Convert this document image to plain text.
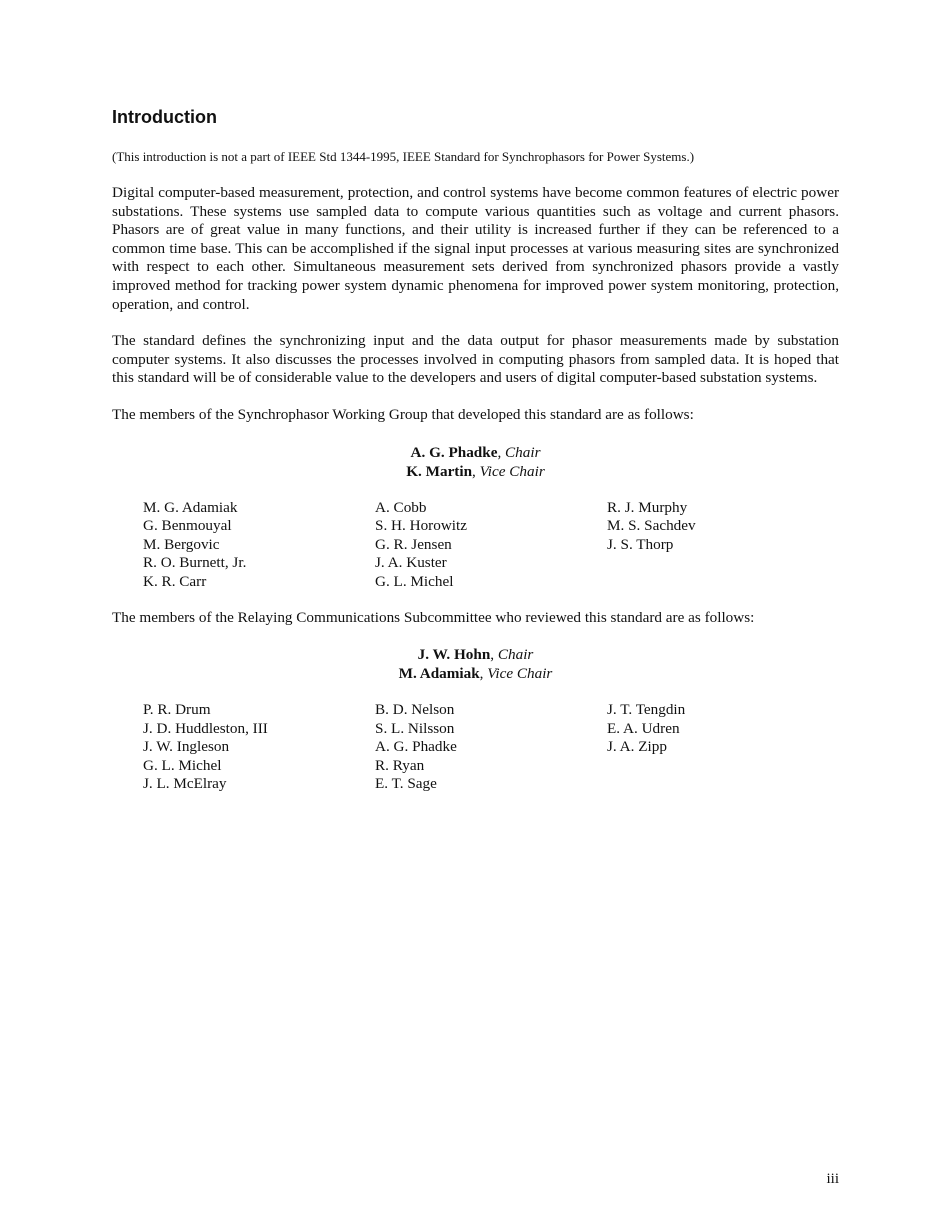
Introduction

(This introduction is not a part of IEEE Std 1344-1995, IEEE Standard for Synchrophasors for Power Systems.)

Digital computer-based measurement, protection, and control systems have become common features of electric power substations. These systems use sampled data to compute various quantities such as voltage and current phasors. Phasors are of great value in many functions, and their utility is increased further if they can be referenced to a common time base. This can be accomplished if the signal input processes at various measuring sites are synchronized with respect to each other. Simultaneous measurement sets derived from synchronized phasors provide a vastly improved method for tracking power system dynamic phenomena for improved power system monitoring, protection, operation, and control.

The standard defines the synchronizing input and the data output for phasor measurements made by substation computer systems. It also discusses the processes involved in computing phasors from sampled data. It is hoped that this standard will be of considerable value to the developers and users of digital computer-based substation systems.

The members of the Synchrophasor Working Group that developed this standard are as follows:

A. G. Phadke, Chair
K. Martin, Vice Chair
M. G. Adamiak
G. Benmouyal
M. Bergovic
R. O. Burnett, Jr.
K. R. Carr
A. Cobb
S. H. Horowitz
G. R. Jensen
J. A. Kuster
G. L. Michel
R. J. Murphy
M. S. Sachdev
J. S. Thorp

The members of the Relaying Communications Subcommittee who reviewed this standard are as follows:

J. W. Hohn, Chair
M. Adamiak, Vice Chair
P. R. Drum
J. D. Huddleston, III
J. W. Ingleson
G. L. Michel
J. L. McElray
B. D. Nelson
S. L. Nilsson
A. G. Phadke
R. Ryan
E. T. Sage
J. T. Tengdin
E. A. Udren
J. A. Zipp
iii
